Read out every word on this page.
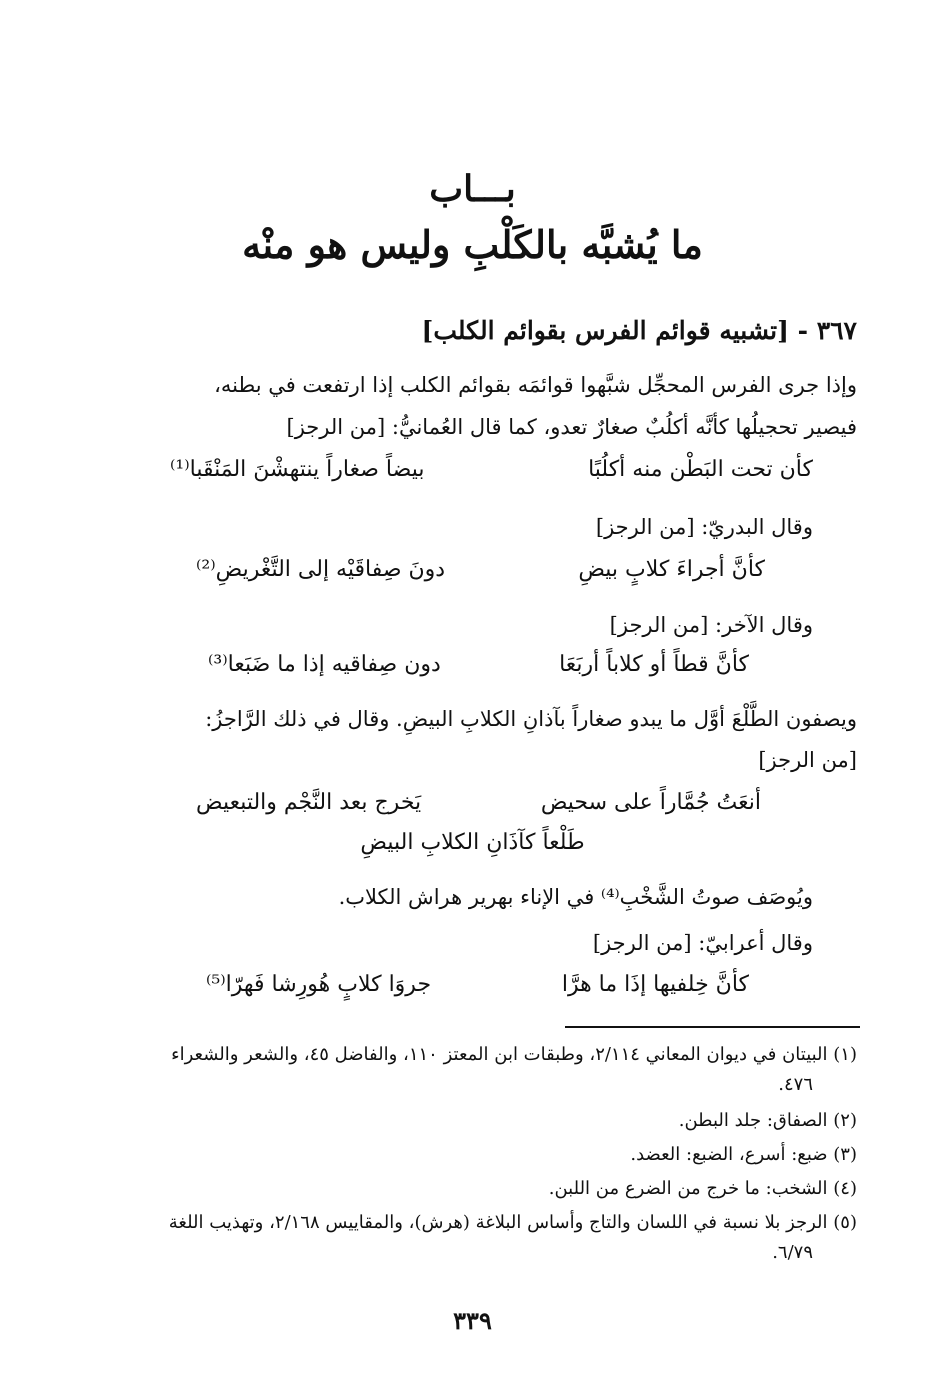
بـــاب
ما يُشبَّه بالكَلْبِ وليس هو منْه
٣٦٧ - [تشبيه قوائم الفرس بقوائم الكلب]
وإذا جرى الفرس المحجِّل شبَّهوا قوائمَه بقوائم الكلب إذا ارتفعت في بطنه،
فيصير تحجيلُها كأنَّه أكلُبٌ صغارٌ تعدو، كما قال العُمانيُّ: [من الرجز]
كأن تحت البَطْن منه أكلُبًا
بيضاً صغاراً ينتهشْنَ المَنْقَبا⁽¹⁾
وقال البدريّ: [من الرجز]
كأنَّ أجراءَ كلابٍ بيضِ
دونَ صِفاقَيْه إلى التَّغْريضِ⁽²⁾
وقال الآخر: [من الرجز]
كأنَّ قطاً أو كلاباً أربَعَا
دون صِفاقيه إذا ما ضَبَعا⁽³⁾
ويصفون الطَّلْعَ أوَّل ما يبدو صغاراً بآذانِ الكلابِ البيضِ. وقال في ذلك الرَّاجزُ:
[من الرجز]
أنعَتُ جُمَّاراً على سحيض
يَخرج بعد النَّجْم والتبعيض
طَلْعاً كآذَانِ الكلابِ البيضِ
ويُوصَف صوتُ الشَّخْبِ⁽⁴⁾ في الإناء بهرير هراش الكلاب.
وقال أعرابيّ: [من الرجز]
كأنَّ خِلفيها إذَا ما هرَّا
جروَا كلابٍ هُورِشا فَهرّا⁽⁵⁾
(١) البيتان في ديوان المعاني ٢/١١٤، وطبقات ابن المعتز ١١٠، والفاضل ٤٥، والشعر والشعراء
٤٧٦.
(٢) الصفاق: جلد البطن.
(٣) ضبع: أسرع، الضبع: العضد.
(٤) الشخب: ما خرج من الضرع من اللبن.
(٥) الرجز بلا نسبة في اللسان والتاج وأساس البلاغة (هرش)، والمقاييس ٢/١٦٨، وتهذيب اللغة
٦/٧٩.
٣٣٩
